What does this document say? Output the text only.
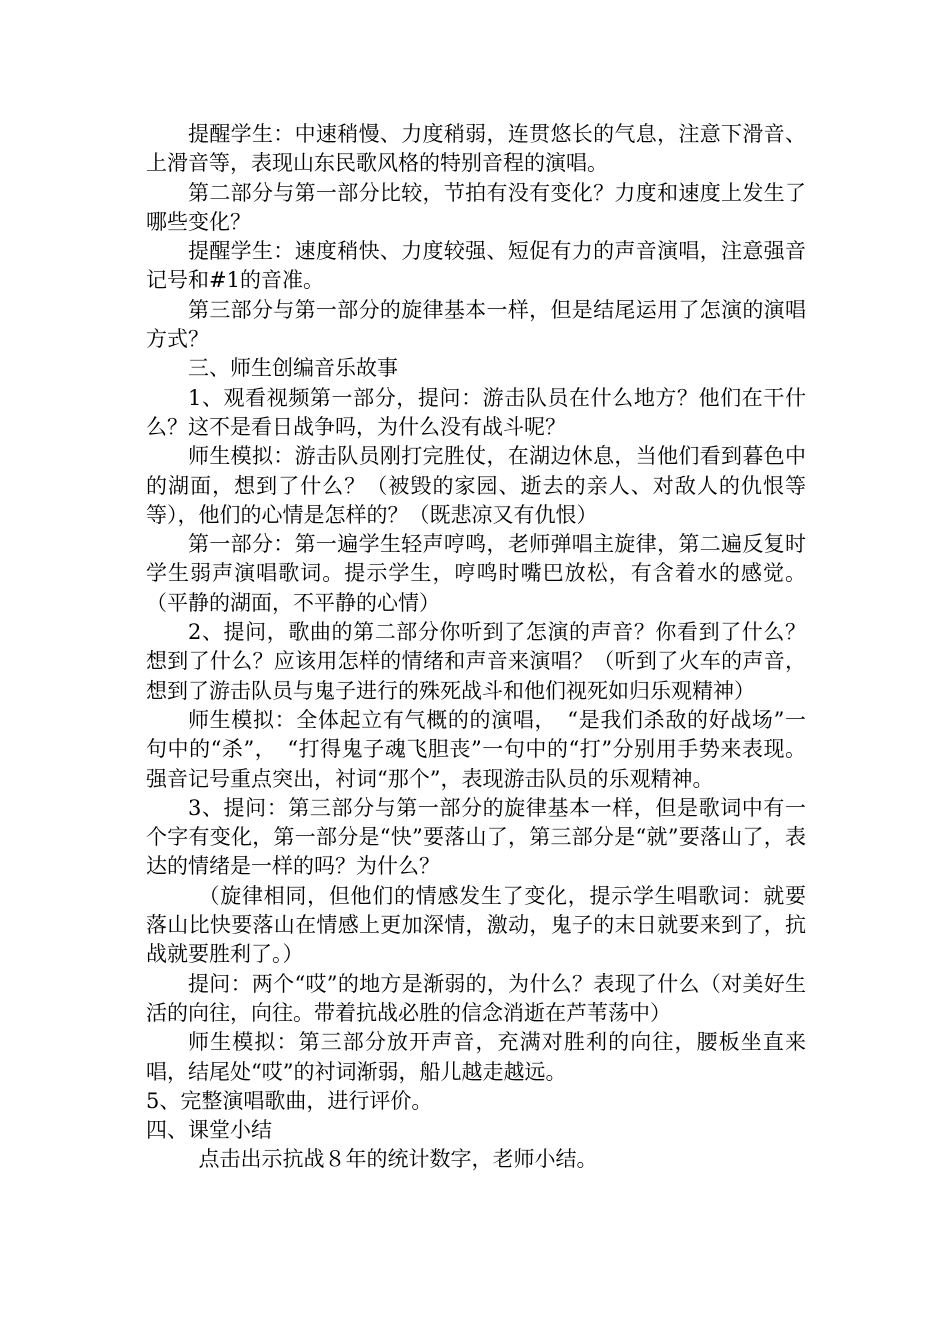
提醒学生：中速稍慢、力度稍弱，连贯悠长的气息，注意下滑音、上滑音等，表现山东民歌风格的特别音程的演唱。

第二部分与第一部分比较，节拍有没有变化？力度和速度上发生了哪些变化？

提醒学生：速度稍快、力度较强、短促有力的声音演唱，注意强音记号和#1的音准。

第三部分与第一部分的旋律基本一样，但是结尾运用了怎演的演唱方式？

三、师生创编音乐故事

1、观看视频第一部分，提问：游击队员在什么地方？他们在干什么？这不是看日战争吗，为什么没有战斗呢？

师生模拟：游击队员刚打完胜仗，在湖边休息，当他们看到暮色中的湖面，想到了什么？（被毁的家园、逝去的亲人、对敌人的仇恨等等），他们的心情是怎样的？（既悲凉又有仇恨）

第一部分：第一遍学生轻声哼鸣，老师弹唱主旋律，第二遍反复时学生弱声演唱歌词。提示学生，哼鸣时嘴巴放松，有含着水的感觉。（平静的湖面，不平静的心情）

2、提问，歌曲的第二部分你听到了怎演的声音？你看到了什么？想到了什么？应该用怎样的情绪和声音来演唱？（听到了火车的声音，想到了游击队员与鬼子进行的殊死战斗和他们视死如归乐观精神）

师生模拟：全体起立有气概的的演唱，　“是我们杀敌的好战场”一句中的“杀”，　“打得鬼子魂飞胆丧”一句中的“打”分别用手势来表现。强音记号重点突出，衬词“那个”，表现游击队员的乐观精神。

3、提问：第三部分与第一部分的旋律基本一样，但是歌词中有一个字有变化，第一部分是“快”要落山了，第三部分是“就”要落山了，表达的情绪是一样的吗？为什么？

（旋律相同，但他们的情感发生了变化，提示学生唱歌词：就要落山比快要落山在情感上更加深情，激动，鬼子的末日就要来到了，抗战就要胜利了。）

提问：两个“哎”的地方是渐弱的，为什么？表现了什么（对美好生活的向往，向往。带着抗战必胜的信念消逝在芦苇荡中）

师生模拟：第三部分放开声音，充满对胜利的向往，腰板坐直来唱，结尾处“哎”的衬词渐弱，船儿越走越远。

5、完整演唱歌曲，进行评价。

四、课堂小结

点击出示抗战８年的统计数字，老师小结。
